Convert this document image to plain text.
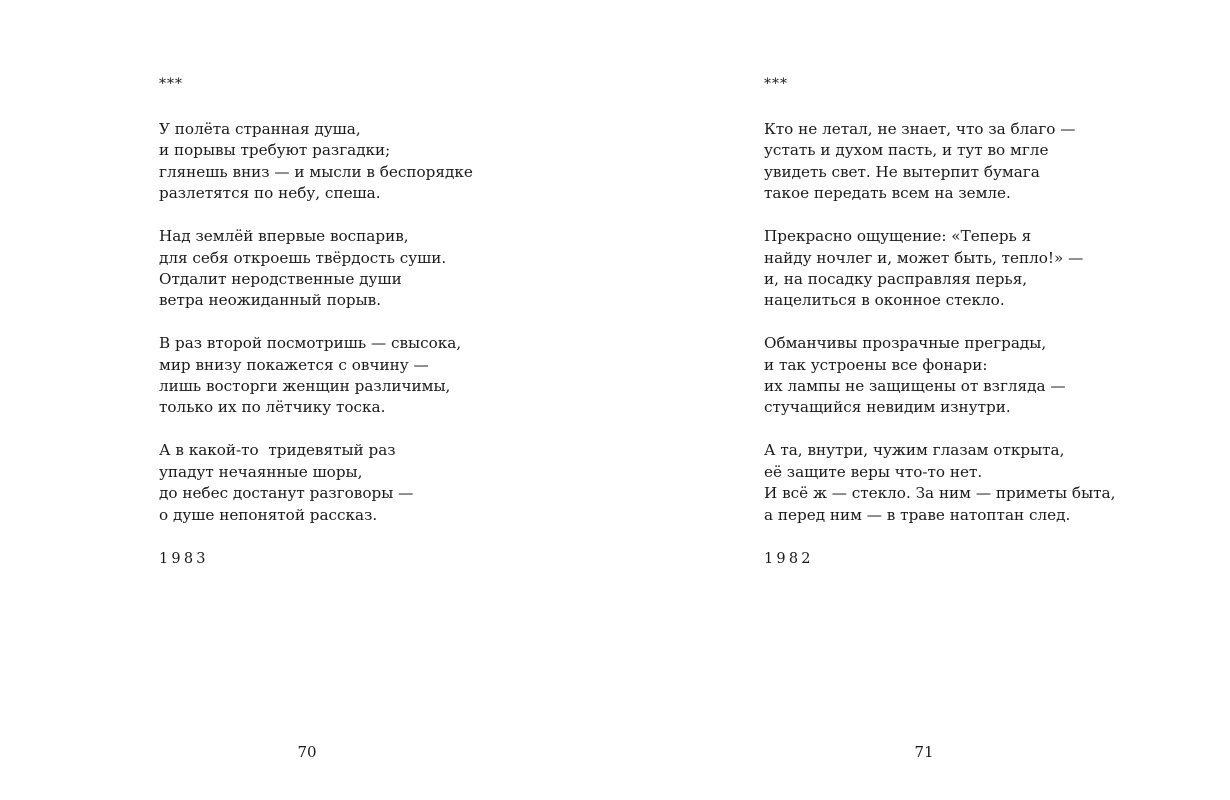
***
У полёта странная душа,
и порывы требуют разгадки;
глянешь вниз — и мысли в беспорядке
разлетятся по небу, спеша.
Над землёй впервые воспарив,
для себя откроешь твёрдость суши.
Отдалит неродственные души
ветра неожиданный порыв.
В раз второй посмотришь — свысока,
мир внизу покажется с овчину —
лишь восторги женщин различимы,
только их по лётчику тоска.
А в какой-то  тридевятый раз
упадут нечаянные шоры,
до небес достанут разговоры —
о душе непонятой рассказ.
1983
70
***
Кто не летал, не знает, что за благо —
устать и духом пасть, и тут во мгле
увидеть свет. Не вытерпит бумага
такое передать всем на земле.
Прекрасно ощущение: «Теперь я
найду ночлег и, может быть, тепло!» —
и, на посадку расправляя перья,
нацелиться в оконное стекло.
Обманчивы прозрачные преграды,
и так устроены все фонари:
их лампы не защищены от взгляда —
стучащийся невидим изнутри.
А та, внутри, чужим глазам открыта,
её защите веры что-то нет.
И всё ж — стекло. За ним — приметы быта,
а перед ним — в траве натоптан след.
1982
71
